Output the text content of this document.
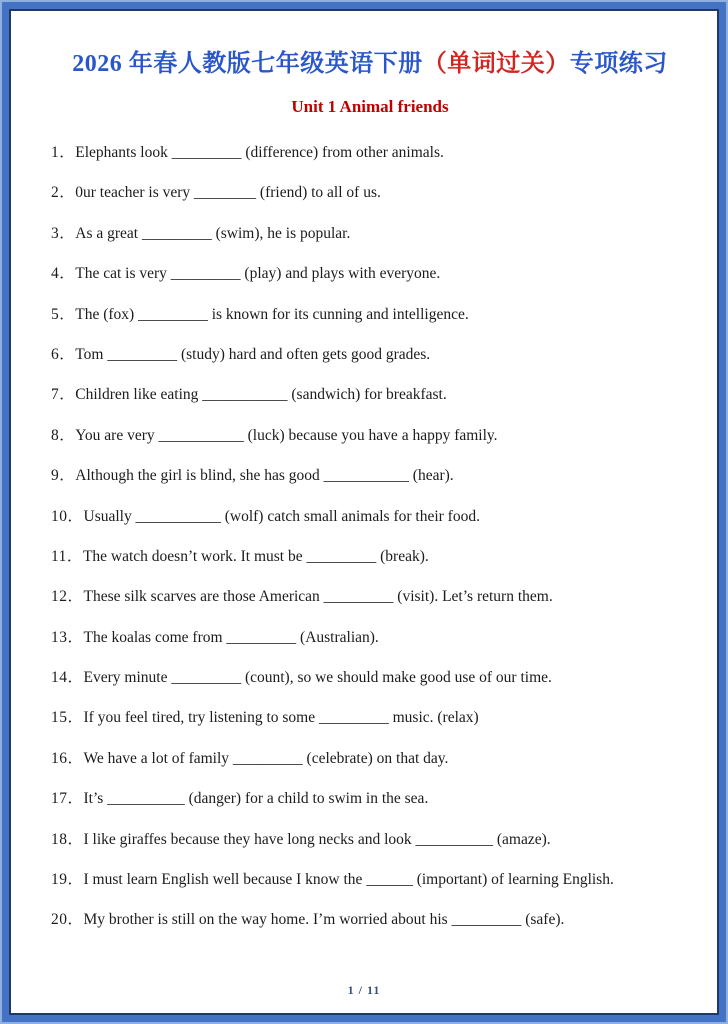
2026 年春人教版七年级英语下册（单词过关）专项练习
Unit 1 Animal friends
1．Elephants look _________ (difference) from other animals.
2．0ur teacher is very ________ (friend) to all of us.
3．As a great _________ (swim), he is popular.
4．The cat is very _________ (play) and plays with everyone.
5．The (fox) _________ is known for its cunning and intelligence.
6．Tom _________ (study) hard and often gets good grades.
7．Children like eating ___________ (sandwich) for breakfast.
8．You are very ___________ (luck) because you have a happy family.
9．Although the girl is blind, she has good ___________ (hear).
10．Usually ___________ (wolf) catch small animals for their food.
11．The watch doesn’t work. It must be _________ (break).
12．These silk scarves are those American _________ (visit). Let’s return them.
13．The koalas come from _________ (Australian).
14．Every minute _________ (count), so we should make good use of our time.
15．If you feel tired, try listening to some _________ music. (relax)
16．We have a lot of family _________ (celebrate) on that day.
17．It’s __________ (danger) for a child to swim in the sea.
18．I like giraffes because they have long necks and look __________ (amaze).
19．I must learn English well because I know the ______ (important) of learning English.
20．My brother is still on the way home. I’m worried about his _________ (safe).
1 / 11
